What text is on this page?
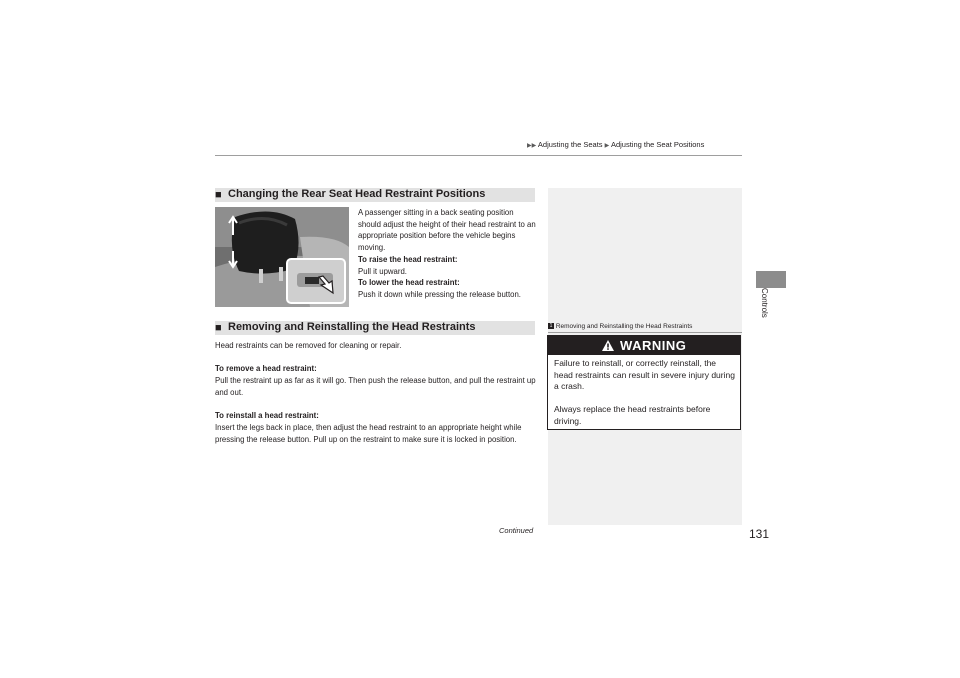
▶▶ Adjusting the Seats ▶ Adjusting the Seat Positions
Controls
■ Changing the Rear Seat Head Restraint Positions
A passenger sitting in a back seating position should adjust the height of their head restraint to an appropriate position before the vehicle begins moving.
To raise the head restraint:
Pull it upward.
To lower the head restraint:
Push it down while pressing the release button.
■ Removing and Reinstalling the Head Restraints
Head restraints can be removed for cleaning or repair.
To remove a head restraint:
Pull the restraint up as far as it will go. Then push the release button, and pull the restraint up and out.
To reinstall a head restraint:
Insert the legs back in place, then adjust the head restraint to an appropriate height while pressing the release button. Pull up on the restraint to make sure it is locked in position.
1 Removing and Reinstalling the Head Restraints
WARNING
Failure to reinstall, or correctly reinstall, the head restraints can result in severe injury during a crash.
Always replace the head restraints before driving.
Continued	131
